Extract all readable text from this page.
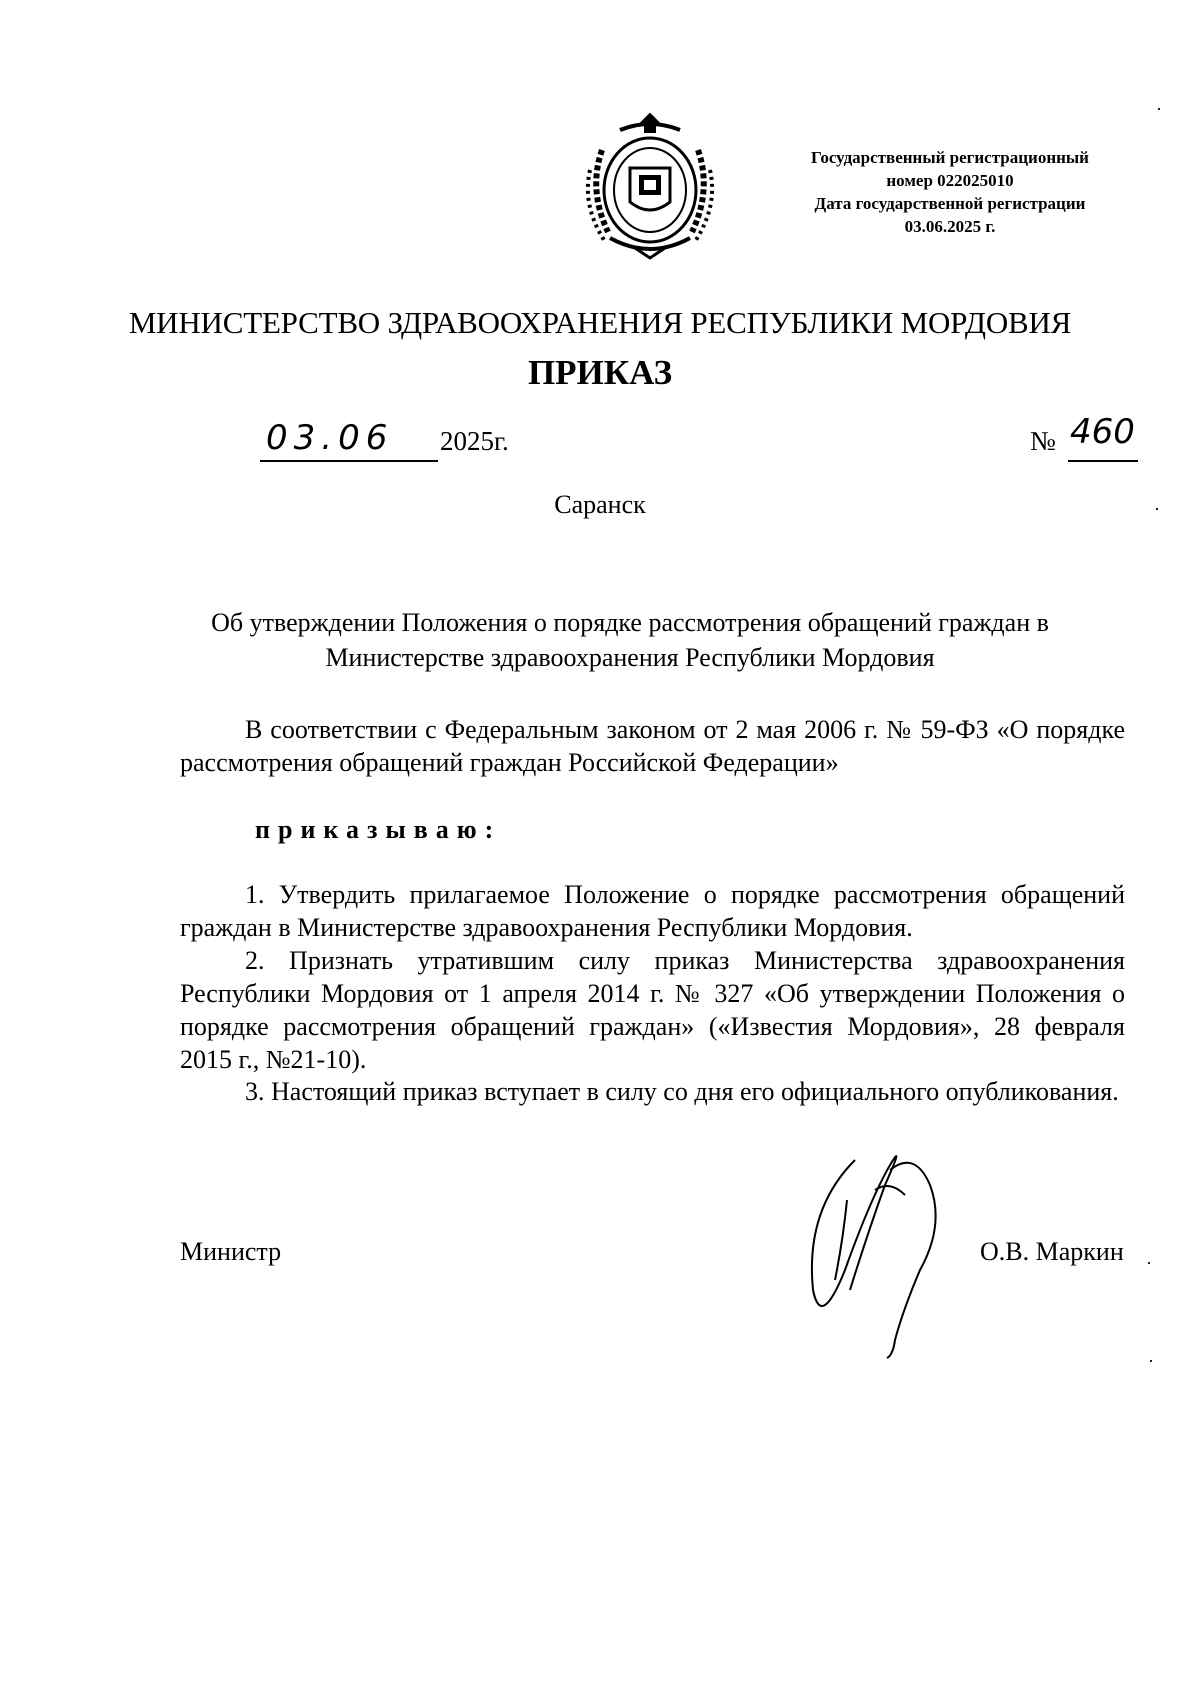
Государственный регистрационный
номер 022025010
Дата государственной регистрации
03.06.2025 г.
МИНИСТЕРСТВО ЗДРАВООХРАНЕНИЯ РЕСПУБЛИКИ МОРДОВИЯ
ПРИКАЗ
03.06 2025г.	№ 460
Саранск
Об утверждении Положения о порядке рассмотрения обращений граждан в Министерстве здравоохранения Республики Мордовия
В соответствии с Федеральным законом от 2 мая 2006 г. № 59-ФЗ «О порядке рассмотрения обращений граждан Российской Федерации»
приказываю:
1. Утвердить прилагаемое Положение о порядке рассмотрения обращений граждан в Министерстве здравоохранения Республики Мордовия.
2. Признать утратившим силу приказ Министерства здравоохранения Республики Мордовия от 1 апреля 2014 г. № 327 «Об утверждении Положения о порядке рассмотрения обращений граждан» («Известия Мордовия», 28 февраля 2015 г., №21-10).
3. Настоящий приказ вступает в силу со дня его официального опубликования.
Министр	О.В. Маркин
